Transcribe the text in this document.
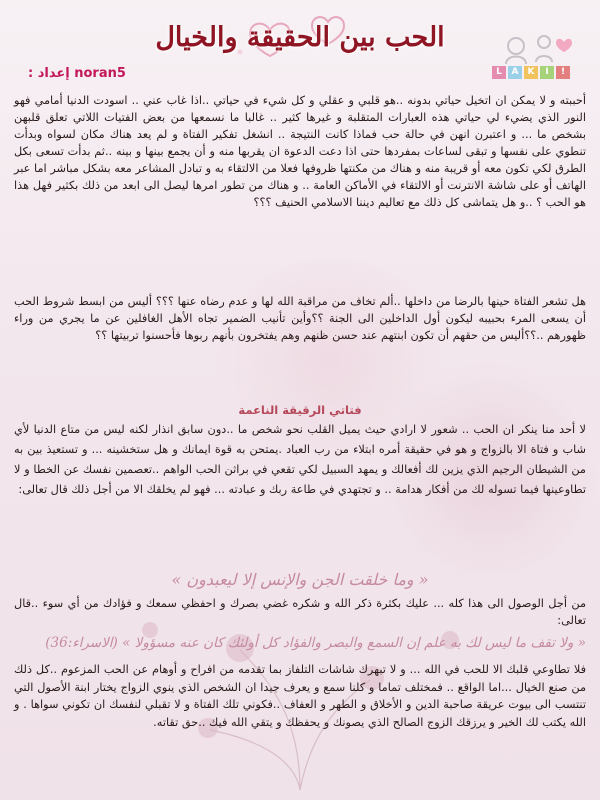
الحب بين الحقيقة والخيال
noran5 إعداد :	L	A	K	I	!

أحببته و لا يمكن ان اتخيل حياتي بدونه ..هو قلبي و عقلي و كل شيء في حياتي ..اذا غاب عني .. اسودت الدنيا أمامي فهو النور الذي يضيء لي حياتي هذه العبارات المتقلبة و غيرها كثير .. غالبا ما نسمعها من بعض الفتيات اللاتي تعلق قلبهن بشخص ما ... و اعتبرن انهن في حالة حب فماذا كانت النتيجة .. انشغل تفكير الفتاة و لم يعد هناك مكان لسواه وبدأت تنطوي على نفسها و تبقى لساعات بمفردها حتى اذا دعت الدعوة ان يقربها منه و أن يجمع بينها و بينه ..ثم بدأت تسعى بكل الطرق لكي تكون معه أو قريبة منه و هناك من مكنتها ظروفها فعلا من الالتقاء به و تبادل المشاعر معه بشكل مباشر اما عبر الهاتف أو على شاشة الانترنت أو الالتقاء في الأماكن العامة .. و هناك من تطور امرها ليصل الى ابعد من ذلك بكثير فهل هذا هو الحب ؟ ..و هل يتماشى كل ذلك مع تعاليم ديننا الاسلامي الحنيف ؟؟؟

هل تشعر الفتاة حينها بالرضا من داخلها ..ألم تخاف من مراقبة الله لها و عدم رضاه عنها ؟؟؟ أليس من ابسط شروط الحب أن يسعى المرء بحبيبه ليكون أول الداخلين الى الجنة ؟؟وأين تأنيب الضمير تجاه الأهل الغافلين عن ما يجري من وراء ظهورهم ..؟؟أليس من حقهم أن تكون ابنتهم عند حسن ظنهم وهم يفتخرون بأنهم ربوها فأحسنوا تربيتها ؟؟

فتاتي الرقيقة الناعمة

لا أحد منا ينكر ان الحب .. شعور لا ارادي حيث يميل القلب نحو شخص ما ..دون سابق انذار لكنه ليس من متاع الدنيا لأي شاب و فتاة الا بالزواج و هو في حقيقة أمره ابتلاء من رب العباد .يمتحن به قوة ايمانك و هل ستخشينه ... و تستعيذ بين به من الشيطان الرجيم الذي يزين لك أفعالك و يمهد السبيل لكي تقعي في براثن الحب الواهم ..تعصمين نفسك عن الخطا و لا تطاوعينها فيما تسوله لك من أفكار هدامة .. و تجتهدي في طاعة ربك و عبادته ... فهو لم يخلقك الا من أجل ذلك قال تعالى:

« وما خلقت الجن والإنس إلا ليعبدون »

من أجل الوصول الى هذا كله ... عليك بكثرة ذكر الله و شكره غضي بصرك و احفظي سمعك و فؤادك من أي سوء ..قال تعالى:

« ولا تقف ما ليس لك به علم إن السمع والبصر والفؤاد كل أولئك كان عنه مسؤولا » (الاسراء:36)

فلا تطاوعي قلبك الا للحب في الله ... و لا تبهرك شاشات التلفاز بما تقدمه من افراح و أوهام عن الحب المزعوم ..كل ذلك من صنع الخيال ...اما الواقع .. فمختلف تماما و كلنا سمع و يعرف جيدا ان الشخص الذي ينوي الزواج يختار ابنة الأصول التي تنتسب الى بيوت عريقة صاحبة الدين و الأخلاق و الطهر و العفاف ..فكوني تلك الفتاة و لا تقبلي لنفسك ان تكوني سواها . و الله يكتب لك الخير و يرزقك الزوج الصالح الذي يصونك و يحفظك و يتقي الله فيك ..حق تقاته.
